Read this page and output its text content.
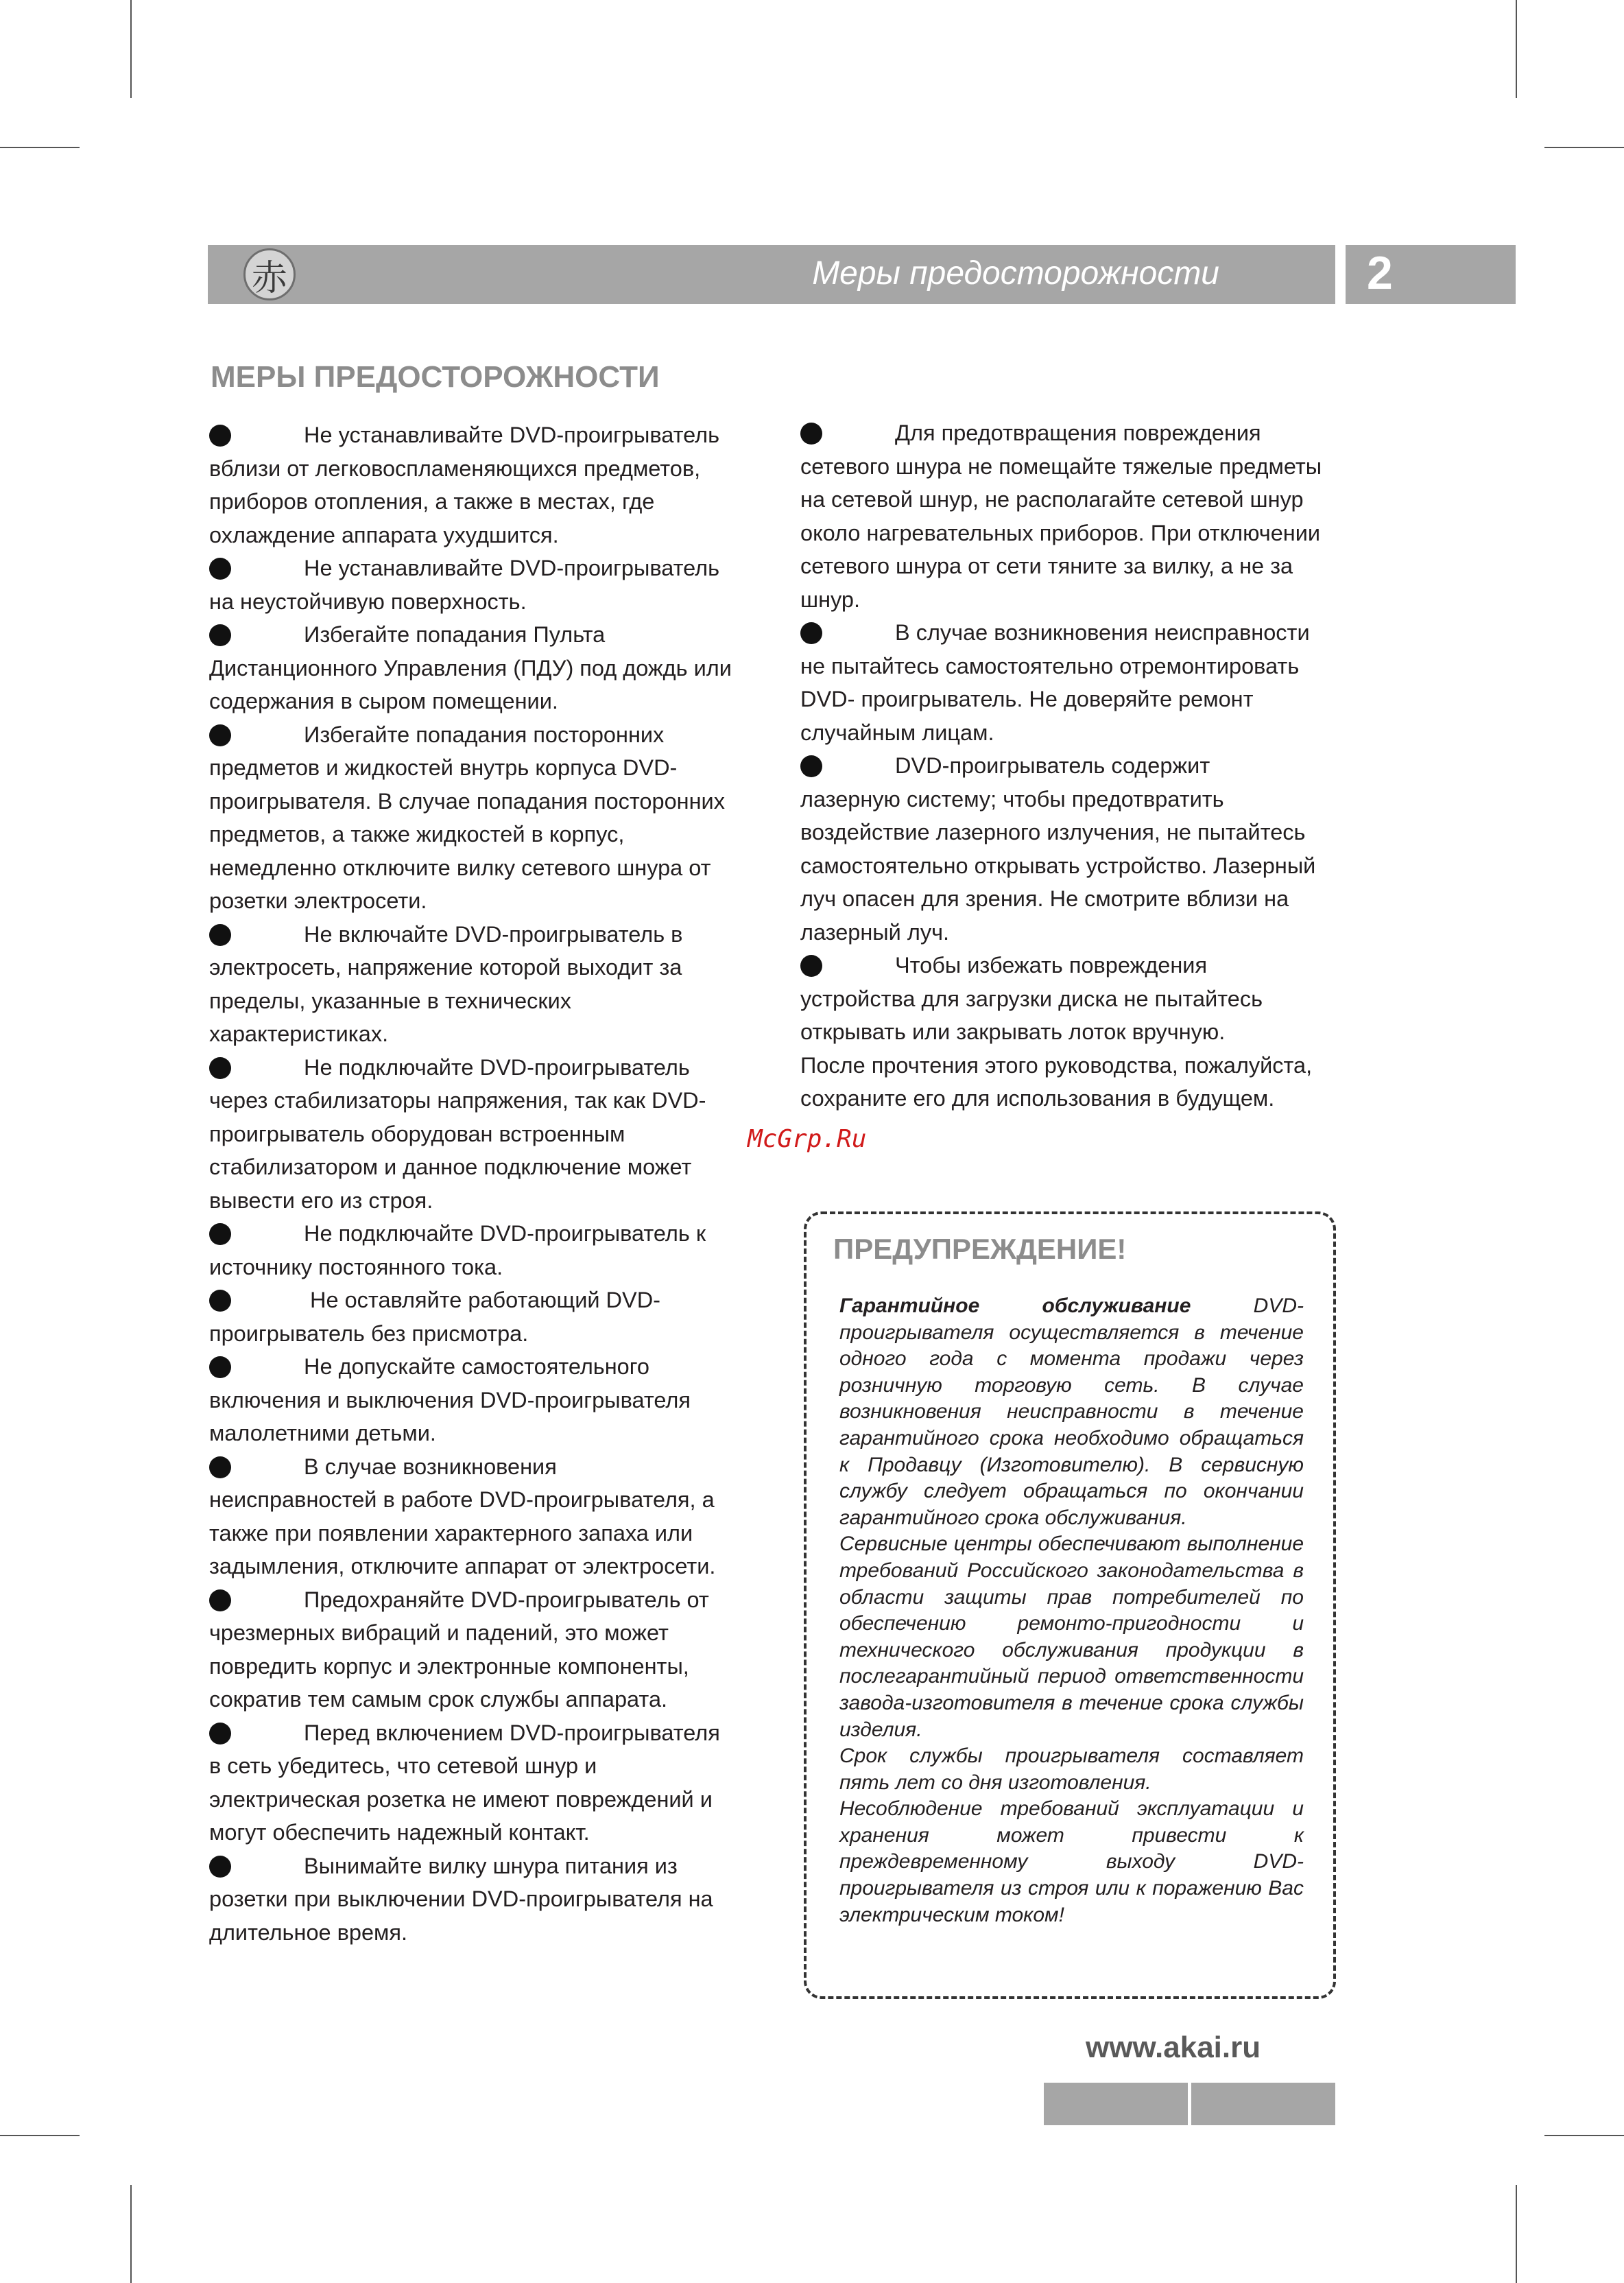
赤	Меры предосторожности	2
МЕРЫ ПРЕДОСТОРОЖНОСТИ

Не устанавливайте DVD-проигрыватель
вблизи от легковоспламеняющихся предметов, приборов отопления, а также в местах, где охлаждение аппарата ухудшится.

Не устанавливайте DVD-проигрыватель
на неустойчивую поверхность.

Избегайте попадания Пульта
Дистанционного Управления (ПДУ) под дождь или содержания в сыром помещении.

Избегайте попадания посторонних
предметов и жидкостей внутрь корпуса DVD-проигрывателя. В случае попадания посторонних предметов, а также жидкостей в корпус, немедленно отключите вилку сетевого шнура от розетки электросети.

Не включайте DVD-проигрыватель в
электросеть, напряжение которой выходит за пределы, указанные в технических характеристиках.

Не подключайте DVD-проигрыватель
через стабилизаторы напряжения, так как DVD-проигрыватель оборудован встроенным стабилизатором и данное подключение может вывести его из строя.

Не подключайте DVD-проигрыватель к
источнику постоянного тока.

Не оставляйте работающий DVD-
проигрыватель без присмотра.

Не допускайте самостоятельного
включения и выключения DVD-проигрывателя малолетними детьми.

В случае возникновения
неисправностей в работе DVD-проигрывателя, а также при появлении характерного запаха или задымления, отключите аппарат от электросети.

Предохраняйте DVD-проигрыватель от
чрезмерных вибраций и падений, это может повредить корпус и электронные компоненты, сократив тем самым срок службы аппарата.

Перед включением DVD-проигрывателя
в сеть убедитесь, что сетевой шнур и электрическая розетка не имеют повреждений и могут обеспечить надежный контакт.

Вынимайте вилку шнура питания из
розетки при выключении DVD-проигрывателя на длительное время.

Для предотвращения повреждения
сетевого шнура не помещайте тяжелые предметы на сетевой шнур, не располагайте сетевой шнур около нагревательных приборов. При отключении сетевого шнура от сети тяните за вилку, а не за шнур.

В случае возникновения неисправности
не пытайтесь самостоятельно отремонтировать DVD- проигрыватель. Не доверяйте ремонт случайным лицам.

DVD-проигрыватель содержит
лазерную систему; чтобы предотвратить воздействие лазерного излучения, не пытайтесь самостоятельно открывать устройство. Лазерный луч опасен для зрения. Не смотрите вблизи на лазерный луч.

Чтобы избежать повреждения
устройства для загрузки диска не пытайтесь открывать или закрывать лоток вручную.

После прочтения этого руководства, пожалуйста, сохраните его для использования в будущем.

McGrp.Ru
ПРЕДУПРЕЖДЕНИЕ!

Гарантийное обслуживание DVD-проигрывателя осуществляется в течение одного года с момента продажи через розничную торговую сеть. В случае возникновения неисправности в течение гарантийного срока необходимо обращаться к Продавцу (Изготовителю). В сервисную службу следует обращаться по окончании гарантийного срока обслуживания.

Сервисные центры обеспечивают выполнение требований Российского законодательства в области защиты прав потребителей по обеспечению ремонто-пригодности и технического обслуживания продукции в послегарантийный период ответственности завода-изготовителя в течение срока службы изделия.

Срок службы проигрывателя составляет пять лет со дня изготовления.

Несоблюдение требований эксплуатации и хранения может привести к преждевременному выходу DVD-проигрывателя из строя или к поражению Вас электрическим током!

www.akai.ru
